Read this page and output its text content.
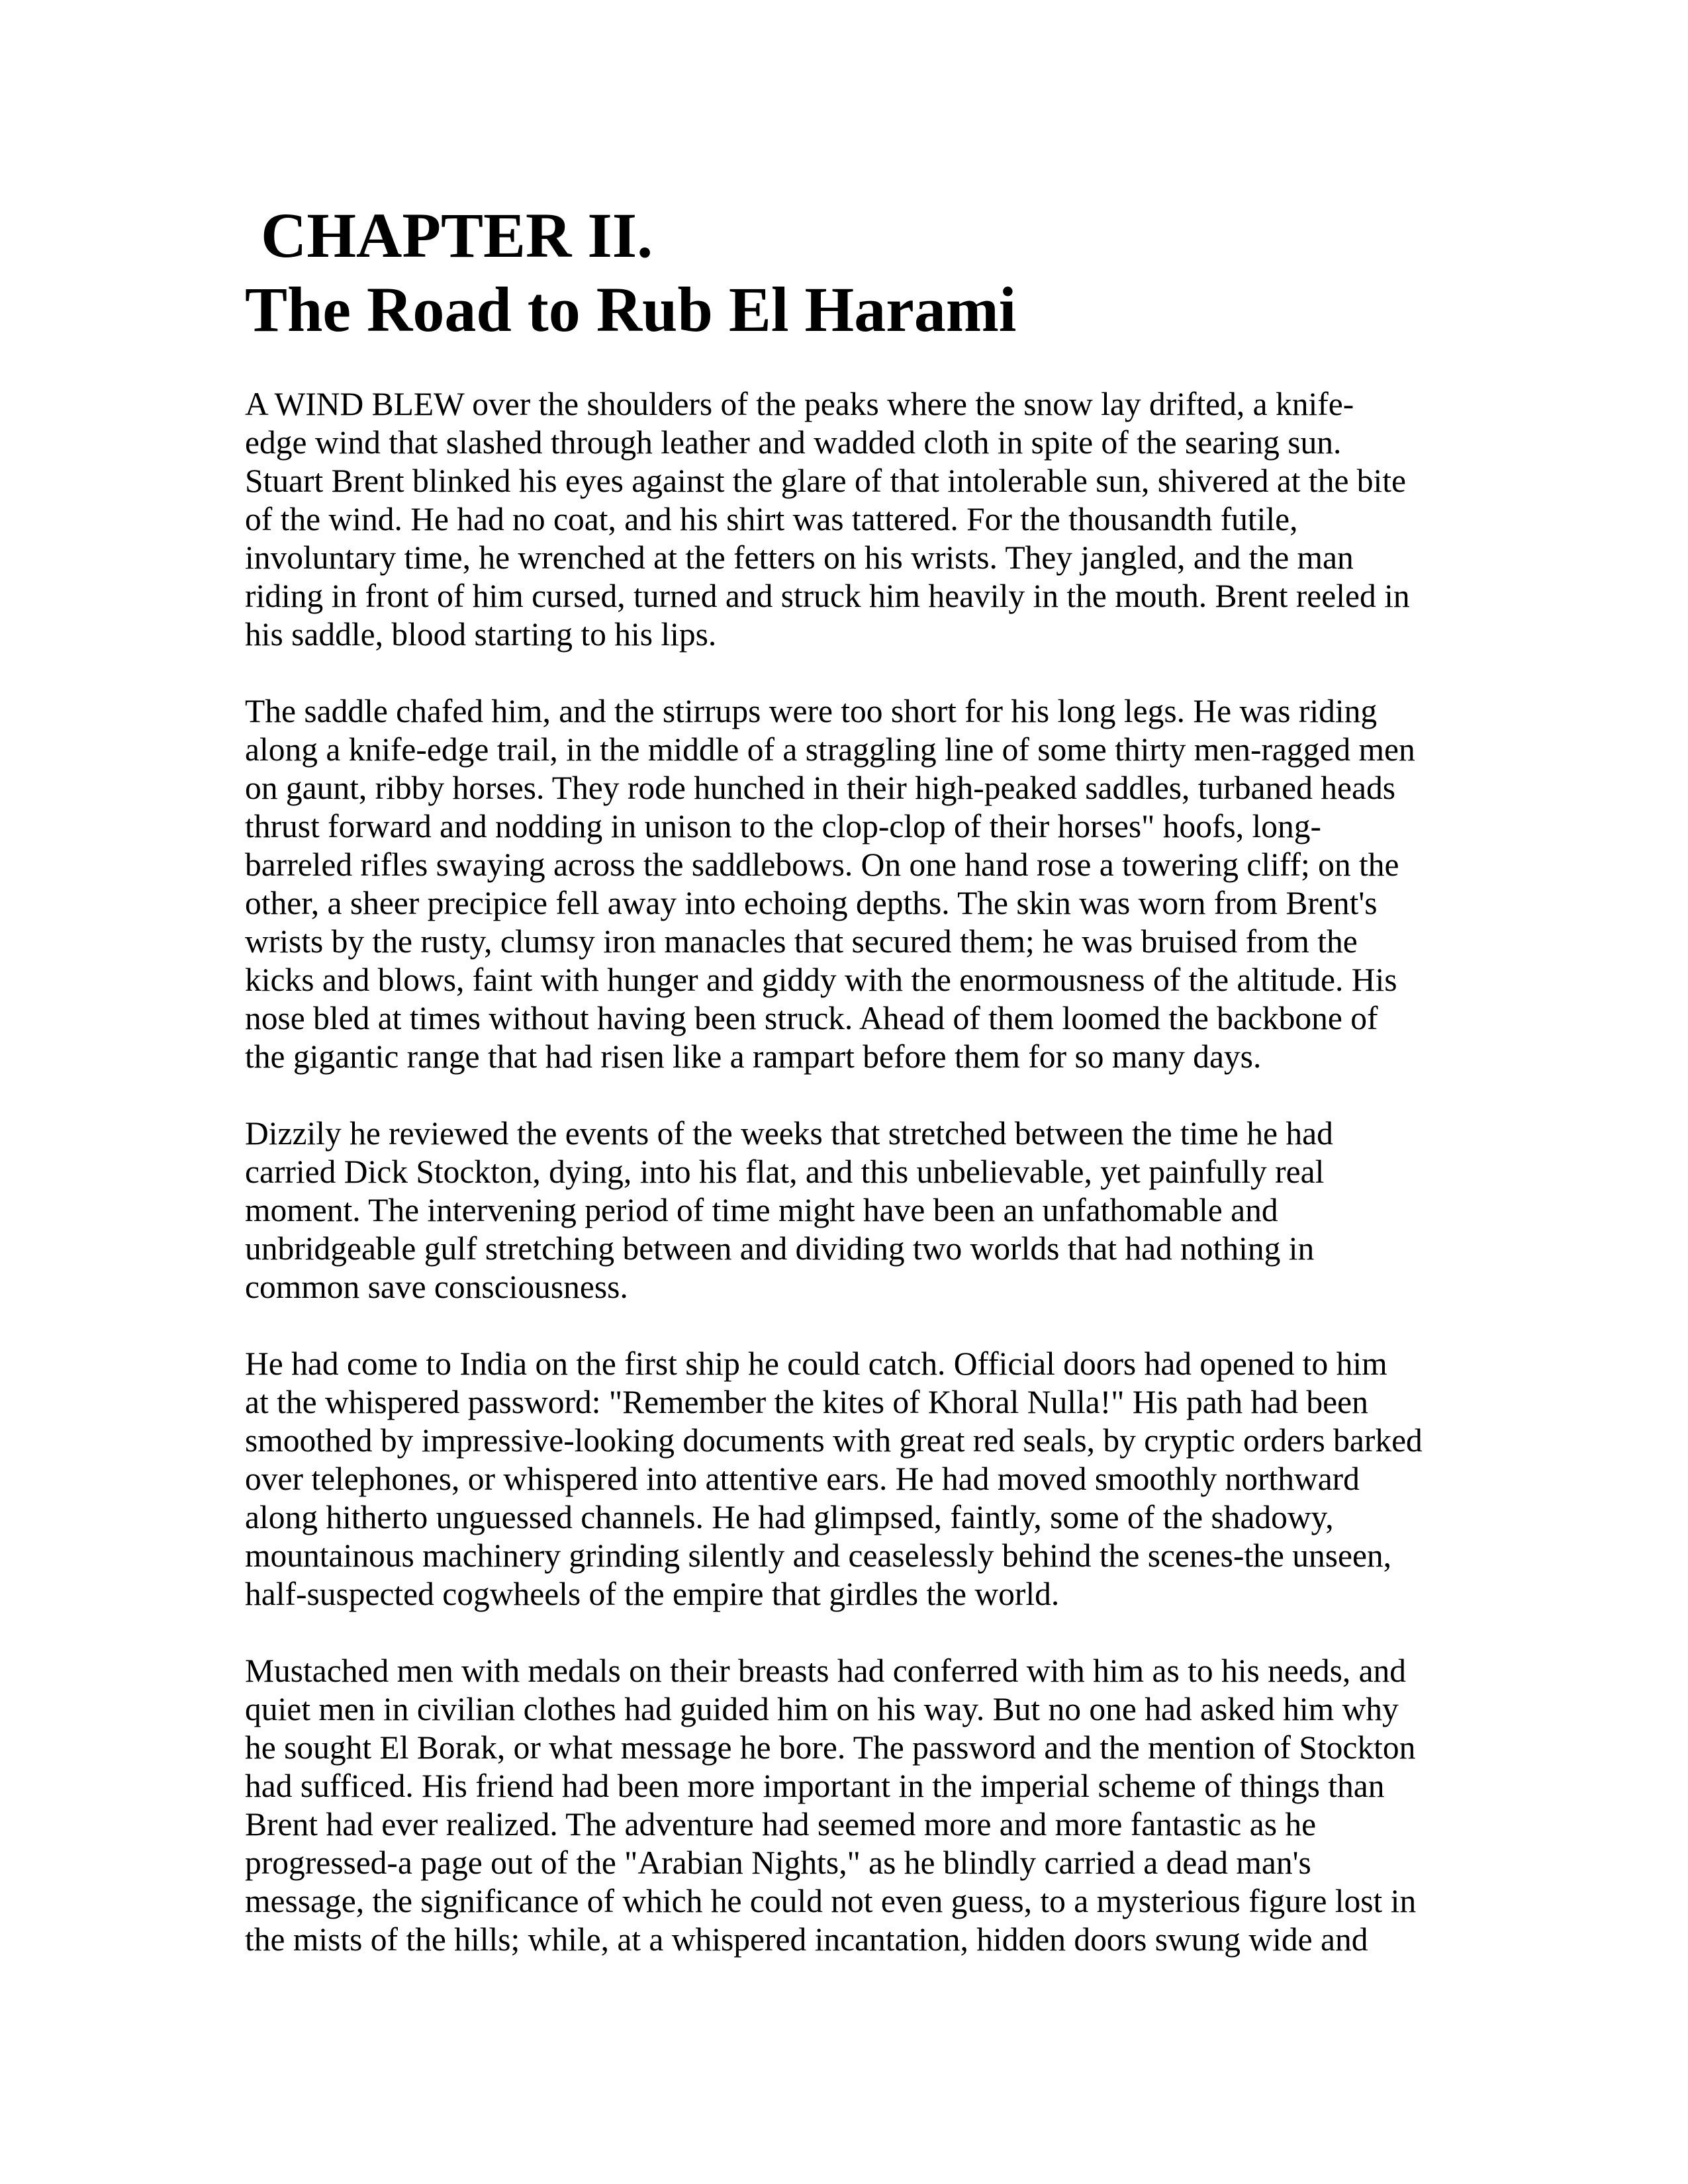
CHAPTER II.
The Road to Rub El Harami

A WIND BLEW over the shoulders of the peaks where the snow lay drifted, a knife-
edge wind that slashed through leather and wadded cloth in spite of the searing sun.
Stuart Brent blinked his eyes against the glare of that intolerable sun, shivered at the bite
of the wind. He had no coat, and his shirt was tattered. For the thousandth futile,
involuntary time, he wrenched at the fetters on his wrists. They jangled, and the man
riding in front of him cursed, turned and struck him heavily in the mouth. Brent reeled in
his saddle, blood starting to his lips.

The saddle chafed him, and the stirrups were too short for his long legs. He was riding
along a knife-edge trail, in the middle of a straggling line of some thirty men-ragged men
on gaunt, ribby horses. They rode hunched in their high-peaked saddles, turbaned heads
thrust forward and nodding in unison to the clop-clop of their horses" hoofs, long-
barreled rifles swaying across the saddlebows. On one hand rose a towering cliff; on the
other, a sheer precipice fell away into echoing depths. The skin was worn from Brent's
wrists by the rusty, clumsy iron manacles that secured them; he was bruised from the
kicks and blows, faint with hunger and giddy with the enormousness of the altitude. His
nose bled at times without having been struck. Ahead of them loomed the backbone of
the gigantic range that had risen like a rampart before them for so many days.

Dizzily he reviewed the events of the weeks that stretched between the time he had
carried Dick Stockton, dying, into his flat, and this unbelievable, yet painfully real
moment. The intervening period of time might have been an unfathomable and
unbridgeable gulf stretching between and dividing two worlds that had nothing in
common save consciousness.

He had come to India on the first ship he could catch. Official doors had opened to him
at the whispered password: "Remember the kites of Khoral Nulla!" His path had been
smoothed by impressive-looking documents with great red seals, by cryptic orders barked
over telephones, or whispered into attentive ears. He had moved smoothly northward
along hitherto unguessed channels. He had glimpsed, faintly, some of the shadowy,
mountainous machinery grinding silently and ceaselessly behind the scenes-the unseen,
half-suspected cogwheels of the empire that girdles the world.

Mustached men with medals on their breasts had conferred with him as to his needs, and
quiet men in civilian clothes had guided him on his way. But no one had asked him why
he sought El Borak, or what message he bore. The password and the mention of Stockton
had sufficed. His friend had been more important in the imperial scheme of things than
Brent had ever realized. The adventure had seemed more and more fantastic as he
progressed-a page out of the "Arabian Nights," as he blindly carried a dead man's
message, the significance of which he could not even guess, to a mysterious figure lost in
the mists of the hills; while, at a whispered incantation, hidden doors swung wide and
